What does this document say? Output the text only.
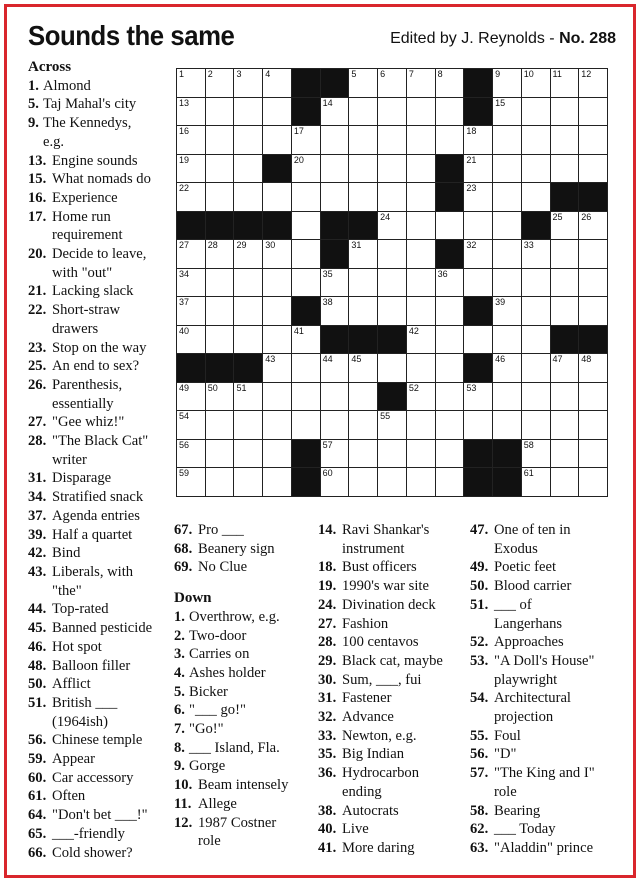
Sounds the same	Edited by J. Reynolds - No. 288
1	2	3	4	5	6	7	8	9	10 11 12
13	14	15
16	17	18
19	20	21
22	23
24	25 26
27 28 29 30	31	32	33
34	35	36
37	38	39
40	41	42
43	44 45	46	47 48
49 50 51	52	53
54	55
56	57	58
59	60	61
Across
1. Almond
5. Taj Mahal's city
9. The Kennedys,
e.g.
13. Engine sounds
15. What nomads do
16. Experience
17. Home run
requirement
20. Decide to leave,
with "out"
21. Lacking slack
22. Short-straw
drawers
23. Stop on the way
25. An end to sex?
26. Parenthesis,
essentially
27. "Gee whiz!"
28. "The Black Cat"
writer
31. Disparage
34. Stratified snack
37. Agenda entries
39. Half a quartet
42. Bind
43. Liberals, with
"the"
44. Top-rated
45. Banned pesticide
46. Hot spot
48. Balloon filler
50. Afflict
51. British ___
(1964ish)
56. Chinese temple
59. Appear
60. Car accessory
61. Often
64. "Don't bet ___!"
65. ___-friendly
66. Cold shower?
67. Pro ___
68. Beanery sign
69. No Clue
Down
1. Overthrow, e.g.
2. Two-door
3. Carries on
4. Ashes holder
5. Bicker
6. "___ go!"
7. "Go!"
8. ___ Island, Fla.
9. Gorge
10. Beam intensely
11. Allege
12. 1987 Costner
role
14. Ravi Shankar's
instrument
18. Bust officers
19. 1990's war site
24. Divination deck
27. Fashion
28. 100 centavos
29. Black cat, maybe
30. Sum, ___, fui
31. Fastener
32. Advance
33. Newton, e.g.
35. Big Indian
36. Hydrocarbon
ending
38. Autocrats
40. Live
41. More daring
47. One of ten in
Exodus
49. Poetic feet
50. Blood carrier
51. ___ of
Langerhans
52. Approaches
53. "A Doll's House"
playwright
54. Architectural
projection
55. Foul
56. "D"
57. "The King and I"
role
58. Bearing
62. ___ Today
63. "Aladdin" prince
